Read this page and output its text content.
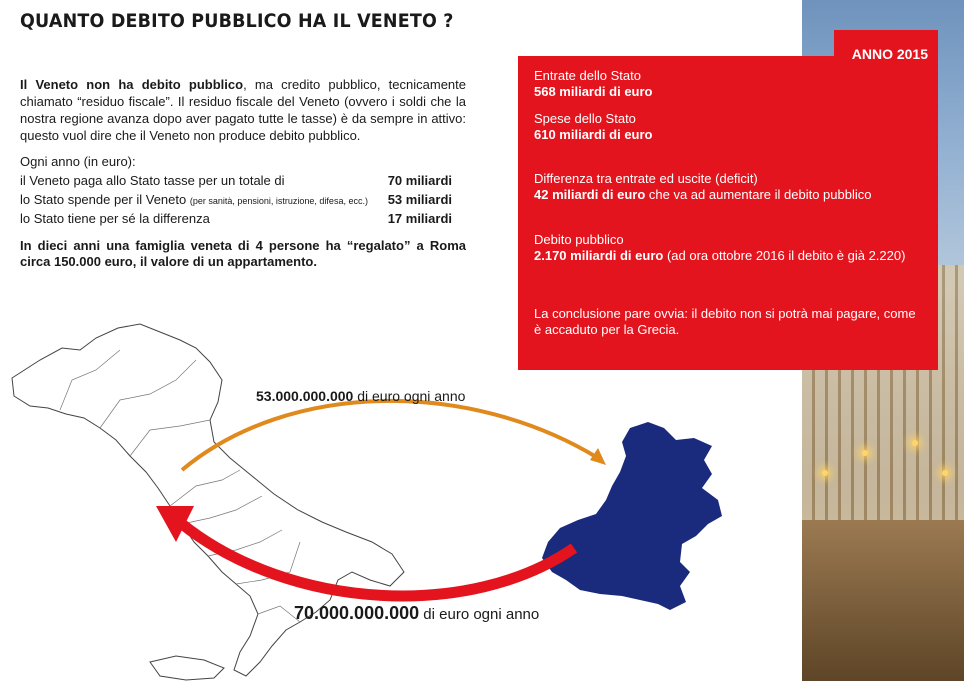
QUANTO DEBITO PUBBLICO HA IL VENETO ?
Il Veneto non ha debito pubblico, ma credito pubblico, tecnicamente chiamato “residuo fiscale”. Il residuo fiscale del Veneto (ovvero i soldi che la nostra regione avanza dopo aver pagato tutte le tasse) è da sempre in attivo: questo vuol dire che il Veneto non produce debito pubblico.
Ogni anno (in euro):
il Veneto paga allo Stato tasse per un totale di	70 miliardi
lo Stato spende per il Veneto (per sanità, pensioni, istruzione, difesa, ecc.) 53 miliardi
lo Stato tiene per sé la differenza	17 miliardi
In dieci anni una famiglia veneta di 4 persone ha “regalato” a Roma circa 150.000 euro, il valore di un appartamento.
Entrate dello Stato
568 miliardi di euro
Spese dello Stato
610 miliardi di euro
Differenza tra entrate ed uscite (deficit)
42 miliardi di euro che va ad aumentare il debito pubblico
Debito pubblico
2.170 miliardi di euro (ad ora ottobre 2016 il debito è già 2.220)
La conclusione pare ovvia: il debito non si potrà mai pagare, come è accaduto per la Grecia.
ANNO 2015
53.000.000.000 di euro ogni anno
70.000.000.000 di euro ogni anno
